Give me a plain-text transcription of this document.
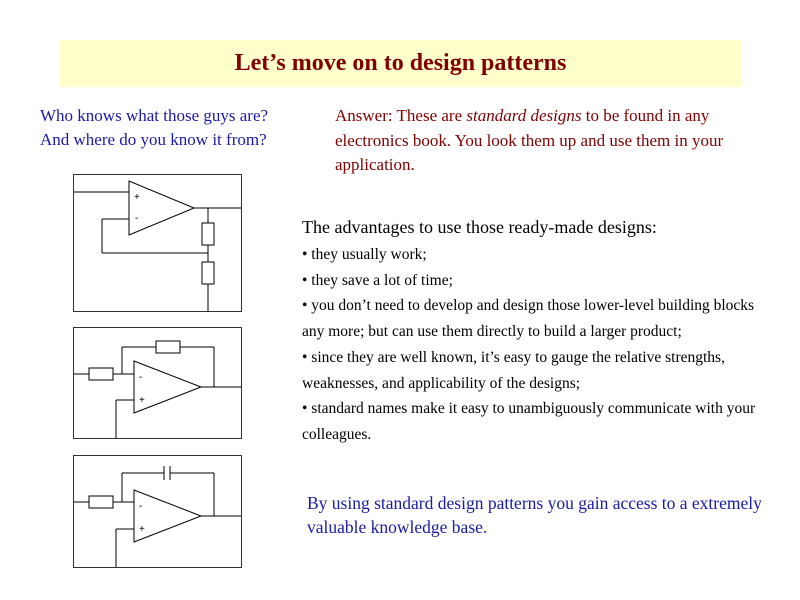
Let’s move on to design patterns
Who knows what those guys are?
And where do you know it from?
Answer: These are standard designs to be found in any electronics book. You look them up and use them in your application.
+
-
-
+
-
+
The advantages to use those ready-made designs:
• they usually work;
• they save a lot of time;
• you don’t need to develop and design those lower-level building blocks any more; but can use them directly to build a larger product;
• since they are well known, it’s easy to gauge the relative strengths, weaknesses, and applicability of the designs;
• standard names make it easy to unambiguously communicate with your colleagues.
By using standard design patterns you gain access to a extremely valuable knowledge base.
